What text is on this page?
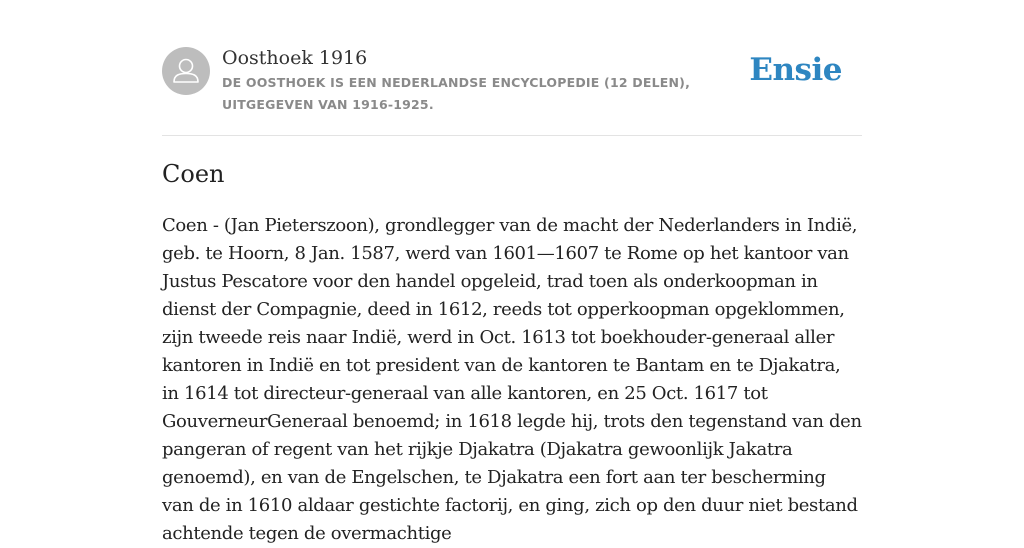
Oosthoek 1916

DE OOSTHOEK IS EEN NEDERLANDSE ENCYCLOPEDIE (12 DELEN), UITGEGEVEN VAN 1916-1925.

Ensie
Coen

Coen - (Jan Pieterszoon), grondlegger van de macht der Nederlanders in Indië, geb. te Hoorn, 8 Jan. 1587, werd van 1601—1607 te Rome op het kantoor van Justus Pescatore voor den handel opgeleid, trad toen als onderkoopman in dienst der Compagnie, deed in 1612, reeds tot opperkoopman opgeklommen, zijn tweede reis naar Indië, werd in Oct. 1613 tot boekhouder-generaal aller kantoren in Indië en tot president van de kantoren te Bantam en te Djakatra, in 1614 tot directeur-generaal van alle kantoren, en 25 Oct. 1617 tot GouverneurGeneraal benoemd; in 1618 legde hij, trots den tegenstand van den pangeran of regent van het rijkje Djakatra (Djakatra gewoonlijk Jakatra genoemd), en van de Engelschen, te Djakatra een fort aan ter bescherming van de in 1610 aldaar gestichte factorij, en ging, zich op den duur niet bestand achtende tegen de overmachtige
